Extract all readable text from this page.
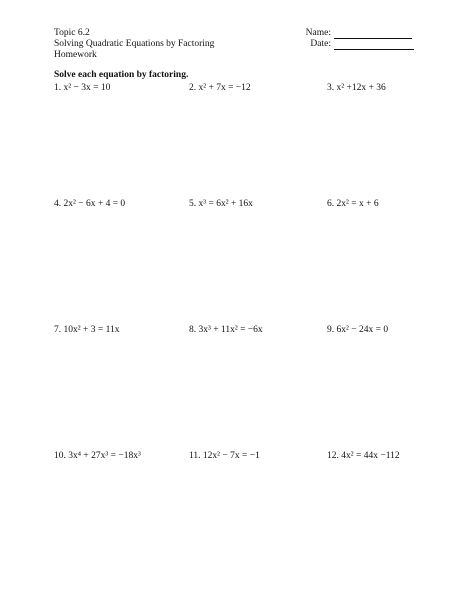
Topic 6.2
Solving Quadratic Equations by Factoring
Homework
Name:
Date:
Solve each equation by factoring.
1. x² − 3x = 10	2. x² + 7x = −12	3. x² +12x + 36
4. 2x² − 6x + 4 = 0	5. x³ = 6x² + 16x	6. 2x² = x + 6
7. 10x² + 3 = 11x	8. 3x³ + 11x² = −6x	9. 6x² − 24x = 0
10. 3x⁴ + 27x³ = −18x³	11. 12x² − 7x = −1	12. 4x² = 44x −112
